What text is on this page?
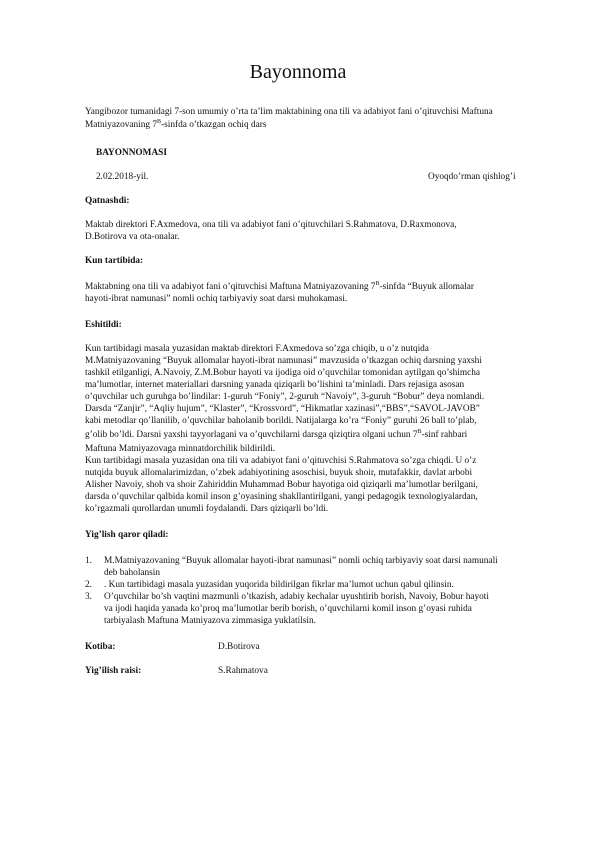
Bayonnoma
Yangibozor tumanidagi 7-son umumiy o’rta ta’lim maktabining ona tili va adabiyot fani o’qituvchisi Maftuna
Matniyazovaning $7^B$-sinfda o’tkazgan ochiq dars
BAYONNOMASI
2.02.2018-yil.	Oyoqdo’rman qishlog’i
Qatnashdi:
Maktab direktori F.Axmedova, ona tili va adabiyot fani o’qituvchilari S.Rahmatova, D.Raxmonova,
D.Botirova va ota-onalar.
Kun tartibida:
Maktabning ona tili va adabiyot fani o’qituvchisi Maftuna Matniyazovaning $7^B$-sinfda “Buyuk allomalar
hayoti-ibrat namunasi” nomli ochiq tarbiyaviy soat darsi muhokamasi.
Eshitildi:
Kun tartibidagi masala yuzasidan maktab direktori F.Axmedova so’zga chiqib, u o’z nutqida
M.Matniyazovaning “Buyuk allomalar hayoti-ibrat namunasi” mavzusida o’tkazgan ochiq darsning yaxshi
tashkil etilganligi, A.Navoiy, Z.M.Bobur hayoti va ijodiga oid o’quvchilar tomonidan aytilgan qo’shimcha
ma’lumotlar, internet materiallari darsning yanada qiziqarli bo’lishini ta’minladi. Dars rejasiga asosan
o’quvchilar uch guruhga bo’lindilar: 1-guruh “Foniy”, 2-guruh “Navoiy”, 3-guruh “Bobur” deya nomlandi.
Darsda “Zanjir”, “Aqliy hujum”, “Klaster”, “Krossvord”, “Hikmatlar xazinasi”,“BBS”,“SAVOL-JAVOB”
kabi metodlar qo’llanilib, o’quvchilar baholanib borildi. Natijalarga ko’ra “Foniy” guruhi 26 ball to’plab,
g’olib bo’ldi. Darsni yaxshi tayyorlagani va o’quvchilarni darsga qiziqtira olgani uchun $7^B$-sinf rahbari
Maftuna Matniyazovaga minnatdorchilik bildirildi.
Kun tartibidagi masala yuzasidan ona tili va adabiyot fani o’qituvchisi S.Rahmatova so’zga chiqdi. U o’z
nutqida buyuk allomalarimizdan, o’zbek adabiyotining asoschisi, buyuk shoir, mutafakkir, davlat arbobi
Alisher Navoiy, shoh va shoir Zahiriddin Muhammad Bobur hayotiga oid qiziqarli ma’lumotlar berilgani,
darsda o’quvchilar qalbida komil inson g’oyasining shakllantirilgani, yangi pedagogik texnologiyalardan,
ko’rgazmali qurollardan unumli foydalandi. Dars qiziqarli bo’ldi.
Yig’lish qaror qiladi:
1. M.Matniyazovaning “Buyuk allomalar hayoti-ibrat namunasi” nomli ochiq tarbiyaviy soat darsi namunali
deb baholansin
2. . Kun tartibidagi masala yuzasidan yuqorida bildirilgan fikrlar ma’lumot uchun qabul qilinsin.
3. O’quvchilar bo’sh vaqtini mazmunli o’tkazish, adabiy kechalar uyushtirib borish, Navoiy, Bobur hayoti
va ijodi haqida yanada ko’proq ma’lumotlar berib borish, o’quvchilarni komil inson g’oyasi ruhida
tarbiyalash Maftuna Matniyazova zimmasiga yuklatilsin.
Kotiba:	D.Botirova
Yig’ilish raisi:	S.Rahmatova
